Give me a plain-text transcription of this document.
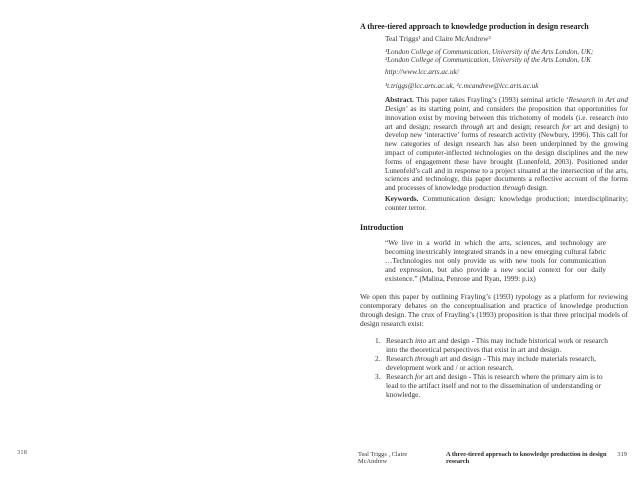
318
A three-tiered approach to knowledge production in design research

Teal Triggs¹ and Claire McAndrew²

¹London College of Communication, University of the Arts London, UK;
²London College of Communication, University of the Arts London, UK

http://www.lcc.arts.ac.uk/

¹t.triggs@lcc.arts.ac.uk, ²c.mcandrew@lcc.arts.ac.uk

Abstract. This paper takes Frayling’s (1993) seminal article ‘Research in Art and Design’ as its starting point, and considers the proposition that opportunities for innovation exist by moving between this trichotomy of models (i.e. research into art and design; research through art and design; research for art and design) to develop new ‘interactive’ forms of research activity (Newbury, 1996). This call for new categories of design research has also been underpinned by the growing impact of computer-inflected technologies on the design disciplines and the new forms of engagement these have brought (Lunenfeld, 2003). Positioned under Lunenfeld’s call and in response to a project situated at the intersection of the arts, sciences and technology, this paper documents a reflective account of the forms and processes of knowledge production through design.

Keywords. Communication design; knowledge production; interdisciplinarity; counter terror.

Introduction

“We live in a world in which the arts, sciences, and technology are becoming inextricably integrated strands in a new emerging cultural fabric …Technologies not only provide us with new tools for communication and expression, but also provide a new social context for our daily existence.” (Malina, Penrose and Ryan, 1999: p.ix)

We open this paper by outlining Frayling’s (1993) typology as a platform for reviewing contemporary debates on the conceptualisation and practice of knowledge production through design. The crux of Frayling’s (1993) proposition is that three principal models of design research exist:

1. Research into art and design - This may include historical work or research into the theoretical perspectives that exist in art and design.
2. Research through art and design - This may include materials research, development work and / or action research.
3. Research for art and design - This is research where the primary aim is to lead to the artifact itself and not to the dissemination of understanding or knowledge.
Teal Triggs , Claire McAndrew
A three-tiered approach to knowledge production in design research
319
